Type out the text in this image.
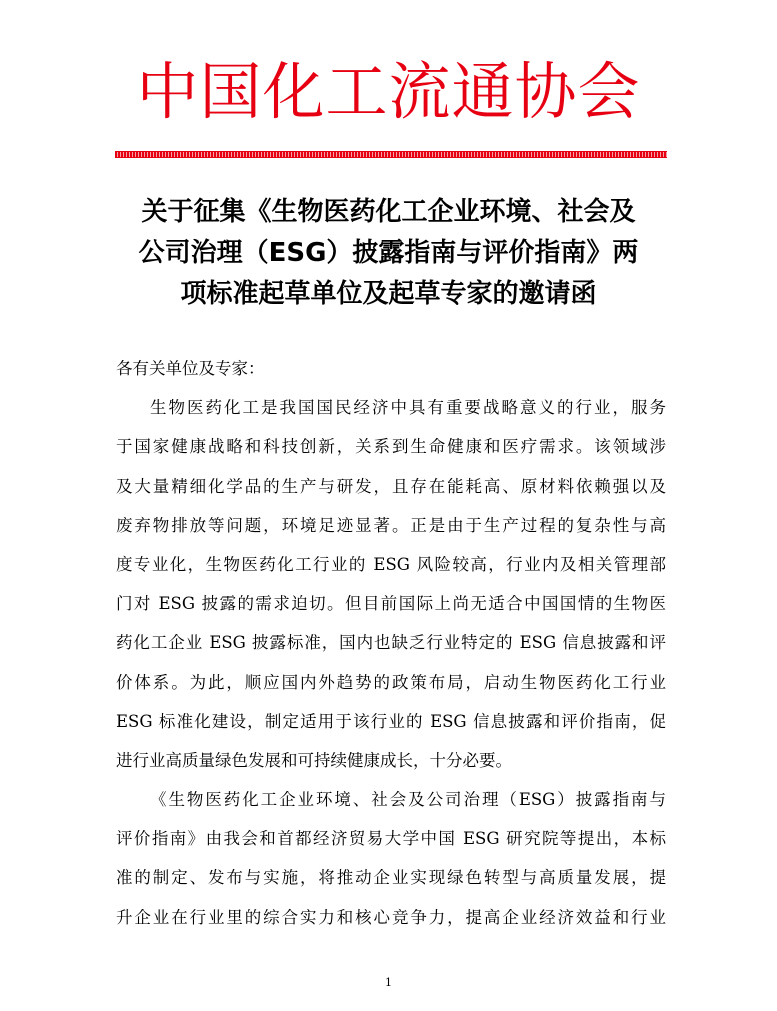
中国化工流通协会
关于征集《生物医药化工企业环境、社会及
公司治理（ESG）披露指南与评价指南》两
项标准起草单位及起草专家的邀请函
各有关单位及专家：
生物医药化工是我国国民经济中具有重要战略意义的行业，服务
于国家健康战略和科技创新，关系到生命健康和医疗需求。该领域涉
及大量精细化学品的生产与研发，且存在能耗高、原材料依赖强以及
废弃物排放等问题，环境足迹显著。正是由于生产过程的复杂性与高
度专业化，生物医药化工行业的 ESG 风险较高，行业内及相关管理部
门对 ESG 披露的需求迫切。但目前国际上尚无适合中国国情的生物医
药化工企业 ESG 披露标准，国内也缺乏行业特定的 ESG 信息披露和评
价体系。为此，顺应国内外趋势的政策布局，启动生物医药化工行业
ESG 标准化建设，制定适用于该行业的 ESG 信息披露和评价指南，促
进行业高质量绿色发展和可持续健康成长，十分必要。
《生物医药化工企业环境、社会及公司治理（ESG）披露指南与
评价指南》由我会和首都经济贸易大学中国 ESG 研究院等提出，本标
准的制定、发布与实施，将推动企业实现绿色转型与高质量发展，提
升企业在行业里的综合实力和核心竞争力，提高企业经济效益和行业
1
